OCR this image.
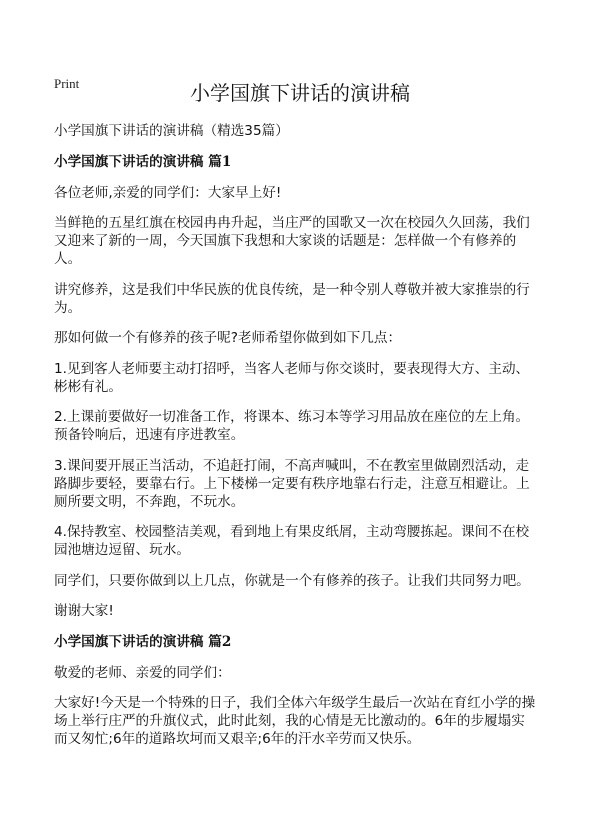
Print	小学国旗下讲话的演讲稿

小学国旗下讲话的演讲稿（精选35篇）

小学国旗下讲话的演讲稿 篇1

各位老师,亲爱的同学们：大家早上好!

当鲜艳的五星红旗在校园冉冉升起，当庄严的国歌又一次在校园久久回荡，我们又迎来了新的一周，今天国旗下我想和大家谈的话题是：怎样做一个有修养的人。

讲究修养，这是我们中华民族的优良传统，是一种令别人尊敬并被大家推崇的行为。

那如何做一个有修养的孩子呢?老师希望你做到如下几点：

1.见到客人老师要主动打招呼，当客人老师与你交谈时，要表现得大方、主动、彬彬有礼。

2.上课前要做好一切准备工作，将课本、练习本等学习用品放在座位的左上角。预备铃响后，迅速有序进教室。

3.课间要开展正当活动，不追赶打闹，不高声喊叫，不在教室里做剧烈活动，走路脚步要轻，要靠右行。上下楼梯一定要有秩序地靠右行走，注意互相避让。上厕所要文明，不奔跑，不玩水。

4.保持教室、校园整洁美观，看到地上有果皮纸屑，主动弯腰拣起。课间不在校园池塘边逗留、玩水。

同学们，只要你做到以上几点，你就是一个有修养的孩子。让我们共同努力吧。

谢谢大家!

小学国旗下讲话的演讲稿 篇2

敬爱的老师、亲爱的同学们：

大家好!今天是一个特殊的日子，我们全体六年级学生最后一次站在育红小学的操场上举行庄严的升旗仪式，此时此刻，我的心情是无比激动的。6年的步履塌实而又匆忙;6年的道路坎坷而又艰辛;6年的汗水辛劳而又快乐。
